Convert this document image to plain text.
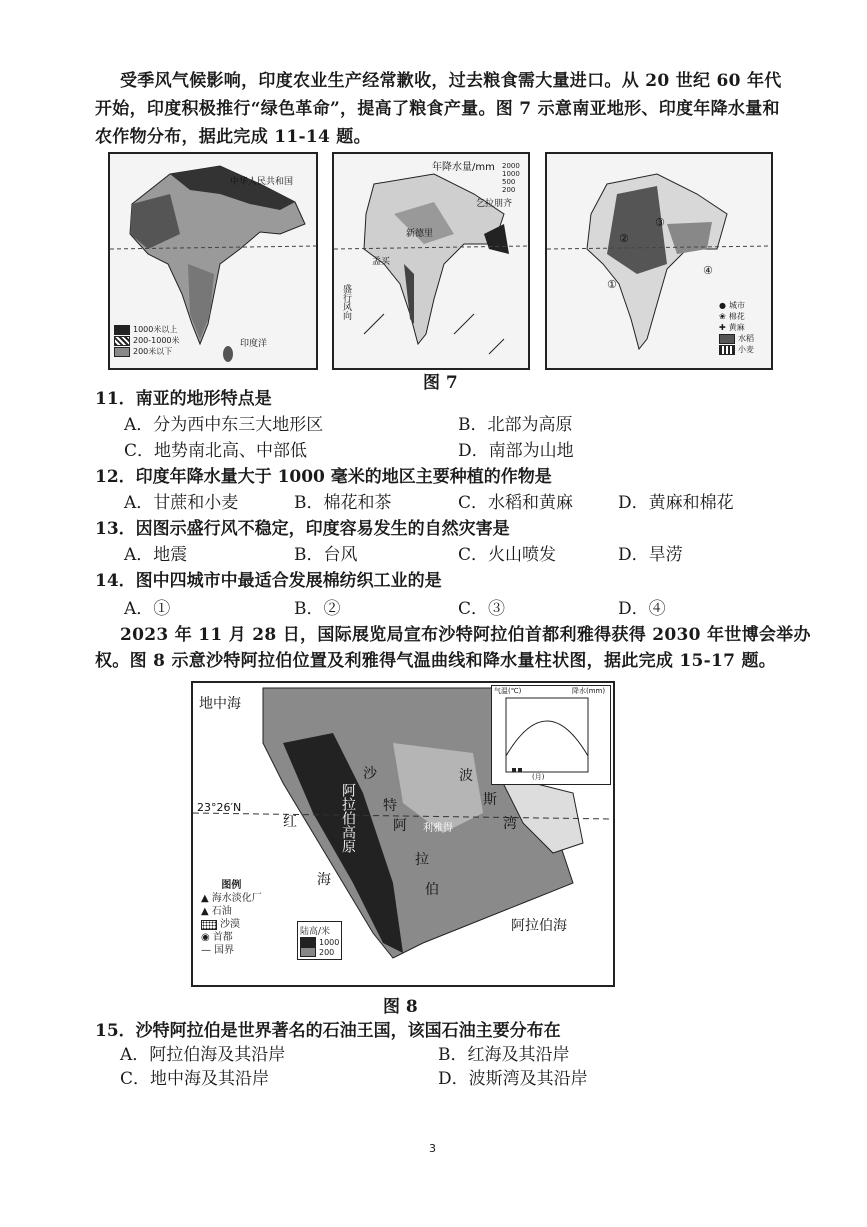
受季风气候影响，印度农业生产经常歉收，过去粮食需大量进口。从 20 世纪 60 年代
开始，印度积极推行“绿色革命”，提高了粮食产量。图 7 示意南亚地形、印度年降水量和
农作物分布，据此完成 11-14 题。
中华人民共和国
印度洋
1000米以上
200-1000米
200米以下
年降水量/mm 2000
1000
500
200
新德里
孟买
乞拉朋齐
盛行风向
②
③
①
④
● 城市
❀ 棉花
✚ 黄麻
水稻
小麦
图 7
11．南亚的地形特点是
A．分为西中东三大地形区	B．北部为高原
C．地势南北高、中部低	D．南部为山地
12．印度年降水量大于 1000 毫米的地区主要种植的作物是
A．甘蔗和小麦	B．棉花和茶	C．水稻和黄麻	D．黄麻和棉花
13．因图示盛行风不稳定，印度容易发生的自然灾害是
A．地震	B．台风	C．火山喷发	D．旱涝
14．图中四城市中最适合发展棉纺织工业的是
A．①	B．②	C．③	D．④
2023 年 11 月 28 日，国际展览局宣布沙特阿拉伯首都利雅得获得 2030 年世博会举办
权。图 8 示意沙特阿拉伯位置及利雅得气温曲线和降水量柱状图，据此完成 15-17 题。
地中海
23°26′N
红
海
波
斯
湾
利雅得
阿拉伯海
沙
特
阿
拉
伯
阿拉伯高原
气温(℃)	降水(mm)
(月)
图例
▲ 海水淡化厂
▲ 石油
沙漠
◉ 首都
— 国界
陆高/米
1000
200
图 8
15．沙特阿拉伯是世界著名的石油王国，该国石油主要分布在
A．阿拉伯海及其沿岸	B．红海及其沿岸
C．地中海及其沿岸	D．波斯湾及其沿岸
3
